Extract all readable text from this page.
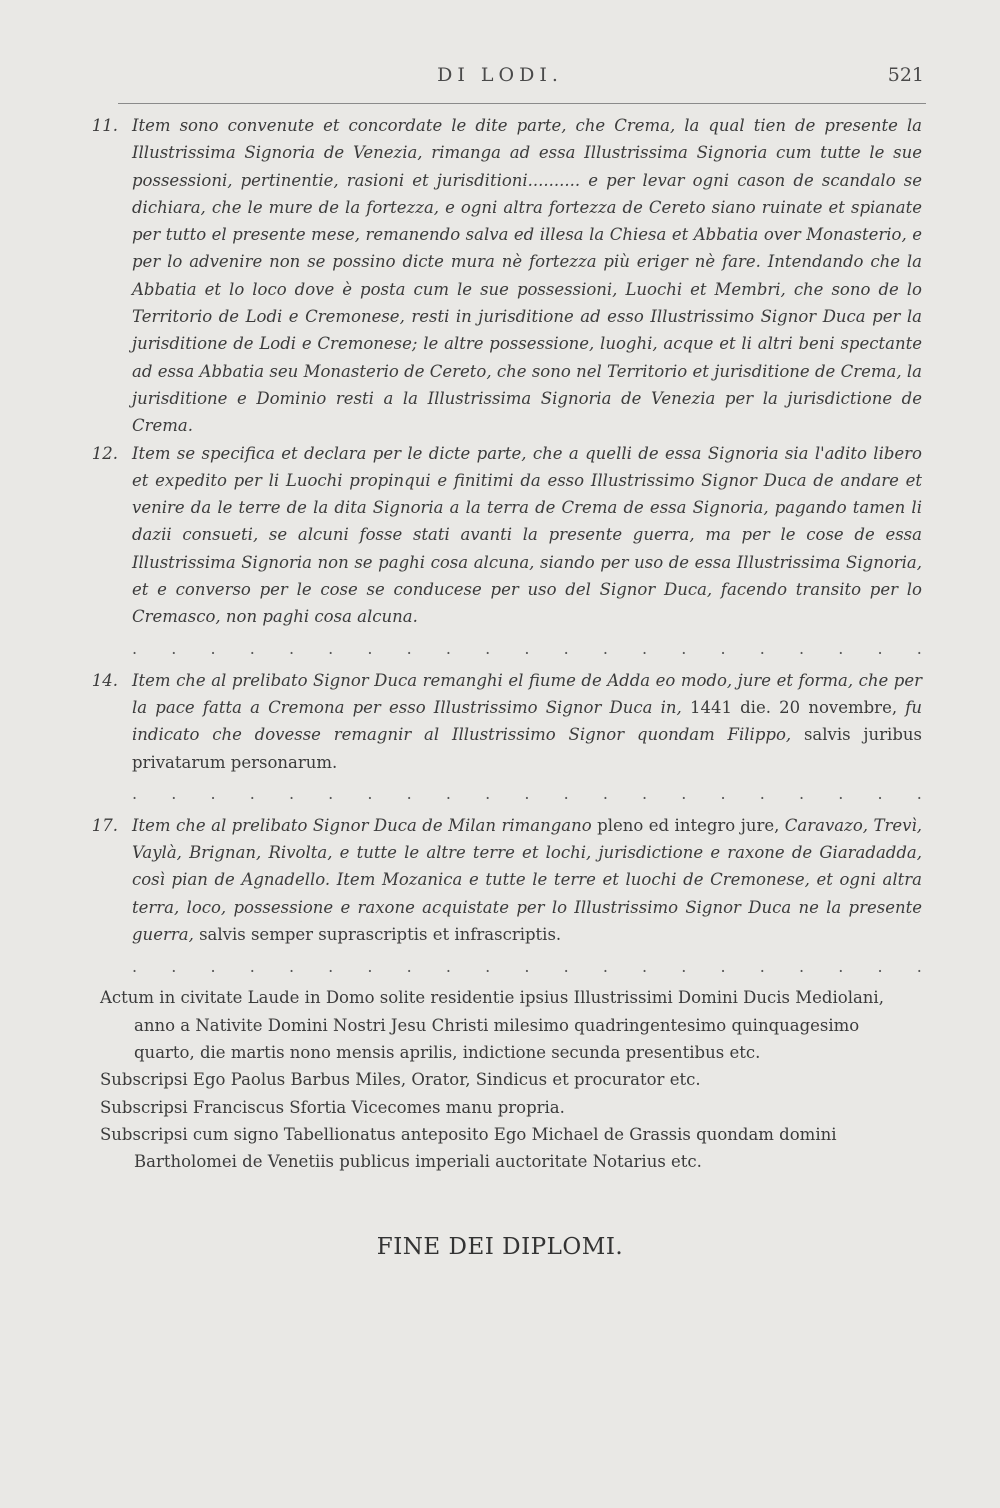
DI LODI.	521
11. Item sono convenute et concordate le dite parte, che Crema, la qual tien de presente la Illustrissima Signoria de Venezia, rimanga ad essa Illustrissima Signoria cum tutte le sue possessioni, pertinentie, rasioni et jurisditioni.......... e per levar ogni cason de scandalo se dichiara, che le mure de la fortezza, e ogni altra fortezza de Cereto siano ruinate et spianate per tutto el presente mese, remanendo salva ed illesa la Chiesa et Abbatia over Monasterio, e per lo advenire non se possino dicte mura nè fortezza più eriger nè fare. Intendando che la Abbatia et lo loco dove è posta cum le sue possessioni, Luochi et Membri, che sono de lo Territorio de Lodi e Cremonese, resti in jurisditione ad esso Illustrissimo Signor Duca per la jurisditione de Lodi e Cremonese; le altre possessione, luoghi, acque et li altri beni spectante ad essa Abbatia seu Monasterio de Cereto, che sono nel Territorio et jurisditione de Crema, la jurisditione e Dominio resti a la Illustrissima Signoria de Venezia per la jurisdictione de Crema.
12. Item se specifica et declara per le dicte parte, che a quelli de essa Signoria sia l'adito libero et expedito per li Luochi propinqui e finitimi da esso Illustrissimo Signor Duca de andare et venire da le terre de la dita Signoria a la terra de Crema de essa Signoria, pagando tamen li dazii consueti, se alcuni fosse stati avanti la presente guerra, ma per le cose de essa Illustrissima Signoria non se paghi cosa alcuna, siando per uso de essa Illustrissima Signoria, et e converso per le cose se conducese per uso del Signor Duca, facendo transito per lo Cremasco, non paghi cosa alcuna.
. . . . . . . . . . . . . . . . . . . . .
14. Item che al prelibato Signor Duca remanghi el fiume de Adda eo modo, jure et forma, che per la pace fatta a Cremona per esso Illustrissimo Signor Duca in, 1441 die. 20 novembre, fu indicato che dovesse remagnir al Illustrissimo Signor quondam Filippo, salvis juribus privatarum personarum.
. . . . . . . . . . . . . . . . . . . . .
17. Item che al prelibato Signor Duca de Milan rimangano pleno ed integro jure, Caravazo, Trevì, Vaylà, Brignan, Rivolta, e tutte le altre terre et lochi, jurisdictione e raxone de Giaradadda, così pian de Agnadello. Item Mozanica e tutte le terre et luochi de Cremonese, et ogni altra terra, loco, possessione e raxone acquistate per lo Illustrissimo Signor Duca ne la presente guerra, salvis semper suprascriptis et infrascriptis.
. . . . . . . . . . . . . . . . . . . . .

Actum in civitate Laude in Domo solite residentie ipsius Illustrissimi Domini Ducis Mediolani, anno a Nativite Domini Nostri Jesu Christi milesimo quadringentesimo quinquagesimo quarto, die martis nono mensis aprilis, indictione secunda presentibus etc.

Subscripsi Ego Paolus Barbus Miles, Orator, Sindicus et procurator etc.

Subscripsi Franciscus Sfortia Vicecomes manu propria.

Subscripsi cum signo Tabellionatus anteposito Ego Michael de Grassis quondam domini Bartholomei de Venetiis publicus imperiali auctoritate Notarius etc.

FINE DEI DIPLOMI.
